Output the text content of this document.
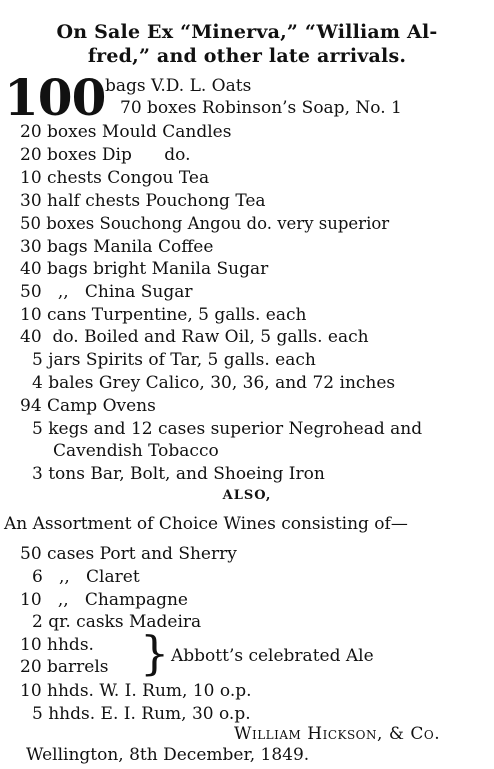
On Sale Ex “Minerva,” “William Al-
fred,” and other late arrivals.
100 bags V.D. L. Oats
70 boxes Robinson’s Soap, No. 1
20 boxes Mould Candles
20 boxes Dip      do.
10 chests Congou Tea
30 half chests Pouchong Tea
50 boxes Souchong Angou do. very superior
30 bags Manila Coffee
40 bags bright Manila Sugar
50   ,,   China Sugar
10 cans Turpentine, 5 galls. each
40  do. Boiled and Raw Oil, 5 galls. each
5 jars Spirits of Tar, 5 galls. each
4 bales Grey Calico, 30, 36, and 72 inches
94 Camp Ovens
5 kegs and 12 cases superior Negrohead and
Cavendish Tobacco
3 tons Bar, Bolt, and Shoeing Iron
ALSO,
An Assortment of Choice Wines consisting of—
50 cases Port and Sherry
6   ,,   Claret
10   ,,   Champagne
2 qr. casks Madeira
10 hhds.
20 barrels } Abbott’s celebrated Ale
10 hhds. W. I. Rum, 10 o.p.
5 hhds. E. I. Rum, 30 o.p.
William Hickson, & Co.
Wellington, 8th December, 1849.
